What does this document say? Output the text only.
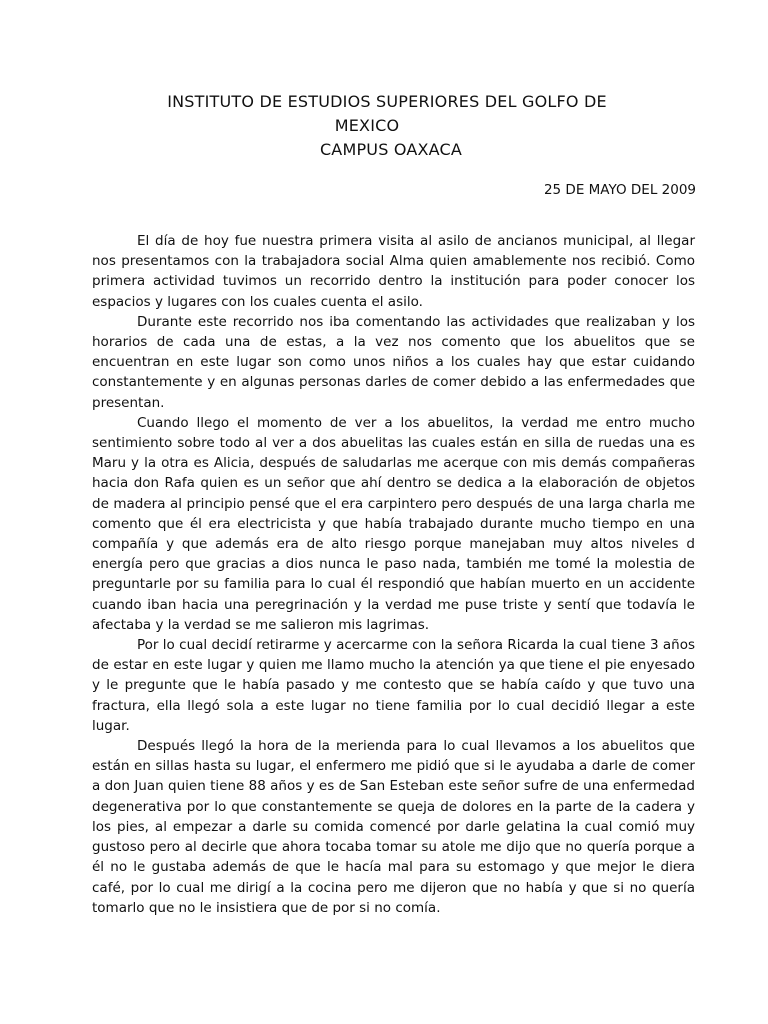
INSTITUTO DE ESTUDIOS SUPERIORES DEL GOLFO DE
MEXICO
CAMPUS OAXACA
25 DE MAYO DEL 2009

El día de hoy fue nuestra primera visita al asilo de ancianos municipal, al llegar nos presentamos con la trabajadora social Alma quien amablemente nos recibió. Como primera actividad tuvimos un recorrido dentro la institución para poder conocer los espacios y lugares con los cuales cuenta el asilo.

Durante este recorrido nos iba comentando las actividades que realizaban y los horarios de cada una de estas, a la vez nos comento que los abuelitos que se encuentran en este lugar son como unos niños a los cuales hay que estar cuidando constantemente y en algunas personas darles de comer debido a las enfermedades que presentan.

Cuando llego el momento de ver a los abuelitos, la verdad me entro mucho sentimiento sobre todo al ver a dos abuelitas las cuales están en silla de ruedas una es Maru y la otra es Alicia, después de saludarlas me acerque con mis demás compañeras hacia don Rafa quien es un señor que ahí dentro se dedica a la elaboración de objetos de madera al principio pensé que el era carpintero pero después de una larga charla me comento que él era electricista y que había trabajado durante mucho tiempo en una compañía y que además era de alto riesgo porque manejaban muy altos niveles d energía pero que gracias a dios nunca le paso nada, también me tomé la molestia de preguntarle por su familia para lo cual él respondió que habían muerto en un accidente cuando iban hacia una peregrinación y la verdad me puse triste y sentí que todavía le afectaba y la verdad se me salieron mis lagrimas.

Por lo cual decidí retirarme y acercarme con la señora Ricarda la cual tiene 3 años de estar en este lugar y quien me llamo mucho la atención ya que tiene el pie enyesado y le pregunte que le había pasado y me contesto que se había caído y que tuvo una fractura, ella llegó sola a este lugar no tiene familia por lo cual decidió llegar a este lugar.

Después llegó la hora de la merienda para lo cual llevamos a los abuelitos que están en sillas hasta su lugar, el enfermero me pidió que si le ayudaba a darle de comer a don Juan quien tiene 88 años y es de San Esteban este señor sufre de una enfermedad degenerativa por lo que constantemente se queja de dolores en la parte de la cadera y los pies, al empezar a darle su comida comencé por darle gelatina la cual comió muy gustoso pero al decirle que ahora tocaba tomar su atole me dijo que no quería porque a él no le gustaba además de que le hacía mal para su estomago y que mejor le diera café, por lo cual me dirigí a la cocina pero me dijeron que no había y que si no quería tomarlo que no le insistiera que de por si no comía.
